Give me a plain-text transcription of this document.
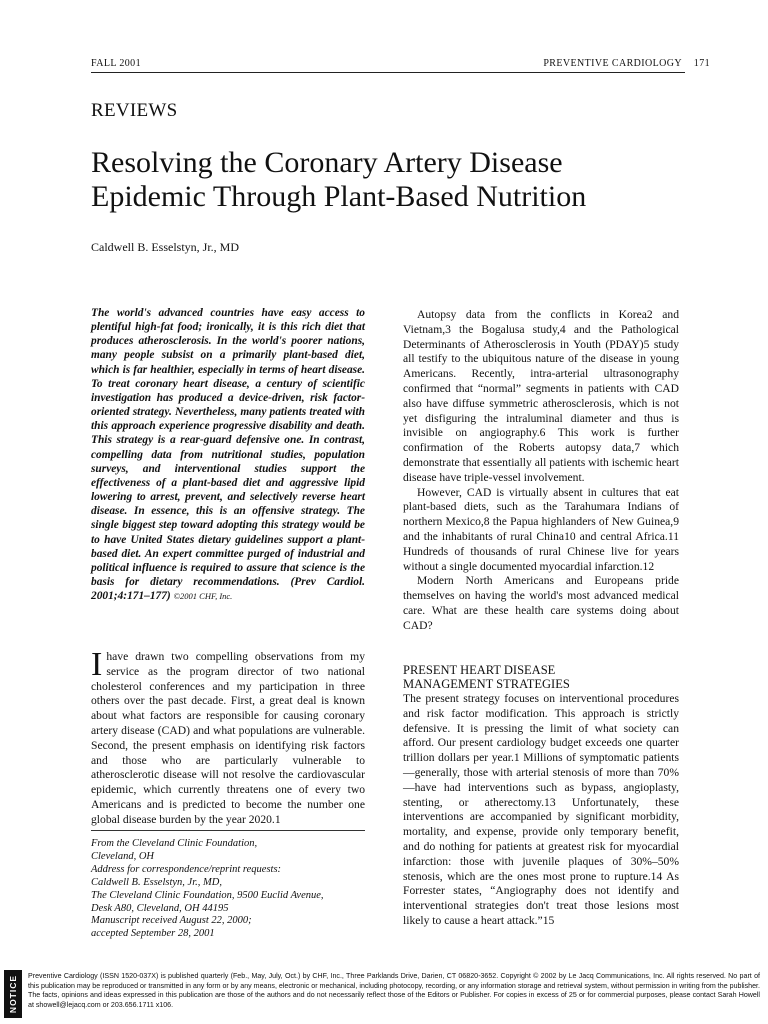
FALL 2001	PREVENTIVE CARDIOLOGY 171
REVIEWS
Resolving the Coronary Artery Disease
Epidemic Through Plant-Based Nutrition
Caldwell B. Esselstyn, Jr., MD

The world's advanced countries have easy access to plentiful high-fat food; ironically, it is this rich diet that produces atherosclerosis. In the world's poorer nations, many people subsist on a primarily plant-based diet, which is far healthier, especially in terms of heart disease. To treat coronary heart disease, a century of scientific investigation has produced a device-driven, risk factor-oriented strategy. Nevertheless, many patients treated with this approach experience progressive disability and death. This strategy is a rear-guard defensive one. In contrast, compelling data from nutritional studies, population surveys, and interventional studies support the effectiveness of a plant-based diet and aggressive lipid lowering to arrest, prevent, and selectively reverse heart disease. In essence, this is an offensive strategy. The single biggest step toward adopting this strategy would be to have United States dietary guidelines support a plant-based diet. An expert committee purged of industrial and political influence is required to assure that science is the basis for dietary recommendations. (Prev Cardiol. 2001;4:171–177) ©2001 CHF, Inc.

Ihave drawn two compelling observations from my service as the program director of two national cholesterol conferences and my participation in three others over the past decade. First, a great deal is known about what factors are responsible for causing coronary artery disease (CAD) and what populations are vulnerable. Second, the present emphasis on identifying risk factors and those who are particularly vulnerable to atherosclerotic disease will not resolve the cardiovascular epidemic, which currently threatens one of every two Americans and is predicted to become the number one global disease burden by the year 2020.1
From the Cleveland Clinic Foundation,
Cleveland, OH
Address for correspondence/reprint requests:
Caldwell B. Esselstyn, Jr., MD,
The Cleveland Clinic Foundation, 9500 Euclid Avenue,
Desk A80, Cleveland, OH 44195
Manuscript received August 22, 2000;
accepted September 28, 2001

Autopsy data from the conflicts in Korea2 and Vietnam,3 the Bogalusa study,4 and the Pathological Determinants of Atherosclerosis in Youth (PDAY)5 study all testify to the ubiquitous nature of the disease in young Americans. Recently, intra-arterial ultrasonography confirmed that “normal” segments in patients with CAD also have diffuse symmetric atherosclerosis, which is not yet disfiguring the intraluminal diameter and thus is invisible on angiography.6 This work is further confirmation of the Roberts autopsy data,7 which demonstrate that essentially all patients with ischemic heart disease have triple-vessel involvement.

However, CAD is virtually absent in cultures that eat plant-based diets, such as the Tarahumara Indians of northern Mexico,8 the Papua highlanders of New Guinea,9 and the inhabitants of rural China10 and central Africa.11 Hundreds of thousands of rural Chinese live for years without a single documented myocardial infarction.12

Modern North Americans and Europeans pride themselves on having the world's most advanced medical care. What are these health care systems doing about CAD?

PRESENT HEART DISEASE
MANAGEMENT STRATEGIES

The present strategy focuses on interventional procedures and risk factor modification. This approach is strictly defensive. It is pressing the limit of what society can afford. Our present cardiology budget exceeds one quarter trillion dollars per year.1 Millions of symptomatic patients—generally, those with arterial stenosis of more than 70%—have had interventions such as bypass, angioplasty, stenting, or atherectomy.13 Unfortunately, these interventions are accompanied by significant morbidity, mortality, and expense, provide only temporary benefit, and do nothing for patients at greatest risk for myocardial infarction: those with juvenile plaques of 30%–50% stenosis, which are the ones most prone to rupture.14 As Forrester states, “Angiography does not identify and interventional strategies don't treat those lesions most likely to cause a heart attack.”15

NOTICE Preventive Cardiology (ISSN 1520-037X) is published quarterly (Feb., May, July, Oct.) by CHF, Inc., Three Parklands Drive, Darien, CT 06820-3652. Copyright © 2002 by Le Jacq Communications, Inc. All rights reserved. No part of this publication may be reproduced or transmitted in any form or by any means, electronic or mechanical, including photocopy, recording, or any information storage and retrieval system, without permission in writing from the publisher. The facts, opinions and ideas expressed in this publication are those of the authors and do not necessarily reflect those of the Editors or Publisher. For copies in excess of 25 or for commercial purposes, please contact Sarah Howell at showell@lejacq.com or 203.656.1711 x106.
